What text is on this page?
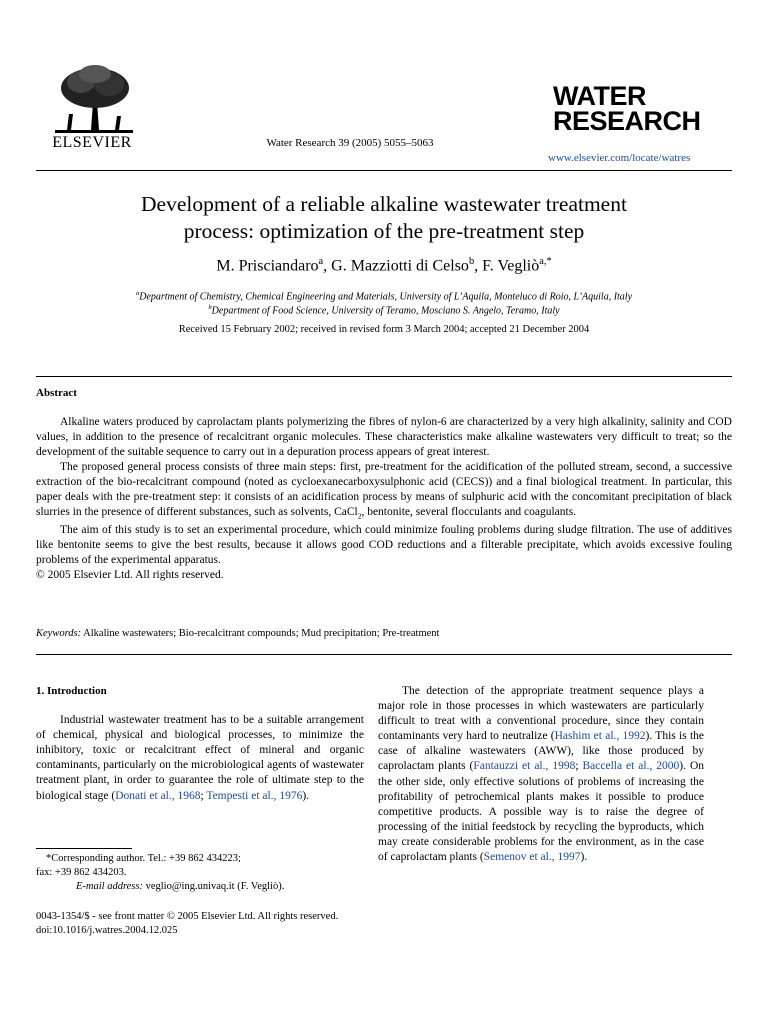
ELSEVIER	Water Research 39 (2005) 5055–5063
WATER
RESEARCH
www.elsevier.com/locate/watres
Development of a reliable alkaline wastewater treatment
process: optimization of the pre-treatment step
M. Prisciandaro$^a$, G. Mazziotti di Celso$^b$, F. Vegliò$^{a,*}$
$^a$Department of Chemistry, Chemical Engineering and Materials, University of L’Aquila, Monteluco di Roio, L’Aquila, Italy
$^b$Department of Food Science, University of Teramo, Mosciano S. Angelo, Teramo, Italy
Received 15 February 2002; received in revised form 3 March 2004; accepted 21 December 2004
Abstract

Alkaline waters produced by caprolactam plants polymerizing the fibres of nylon-6 are characterized by a very high alkalinity, salinity and COD values, in addition to the presence of recalcitrant organic molecules. These characteristics make alkaline wastewaters very difficult to treat; so the development of the suitable sequence to carry out in a depuration process appears of great interest.

The proposed general process consists of three main steps: first, pre-treatment for the acidification of the polluted stream, second, a successive extraction of the bio-recalcitrant compound (noted as cycloexanecarboxysulphonic acid (CECS)) and a final biological treatment. In particular, this paper deals with the pre-treatment step: it consists of an acidification process by means of sulphuric acid with the concomitant precipitation of black slurries in the presence of different substances, such as solvents, CaCl$_2$, bentonite, several flocculants and coagulants.

The aim of this study is to set an experimental procedure, which could minimize fouling problems during sludge filtration. The use of additives like bentonite seems to give the best results, because it allows good COD reductions and a filterable precipitate, which avoids excessive fouling problems of the experimental apparatus.

© 2005 Elsevier Ltd. All rights reserved.
Keywords: Alkaline wastewaters; Bio-recalcitrant compounds; Mud precipitation; Pre-treatment
1. Introduction

Industrial wastewater treatment has to be a suitable arrangement of chemical, physical and biological processes, to minimize the inhibitory, toxic or recalcitrant effect of mineral and organic contaminants, particularly on the microbiological agents of wastewater treatment plant, in order to guarantee the role of ultimate step to the biological stage (Donati et al., 1968; Tempesti et al., 1976).

The detection of the appropriate treatment sequence plays a major role in those processes in which wastewaters are particularly difficult to treat with a conventional procedure, since they contain contaminants very hard to neutralize (Hashim et al., 1992). This is the case of alkaline wastewaters (AWW), like those produced by caprolactam plants (Fantauzzi et al., 1998; Baccella et al., 2000). On the other side, only effective solutions of problems of increasing the profitability of petrochemical plants makes it possible to produce competitive products. A possible way is to raise the degree of processing of the initial feedstock by recycling the byproducts, which may create considerable problems for the environment, as in the case of caprolactam plants (Semenov et al., 1997).

*Corresponding author. Tel.: +39 862 434223;
fax: +39 862 434203.
E-mail address: veglio@ing.univaq.it (F. Vegliò).
0043-1354/$ - see front matter © 2005 Elsevier Ltd. All rights reserved.
doi:10.1016/j.watres.2004.12.025
